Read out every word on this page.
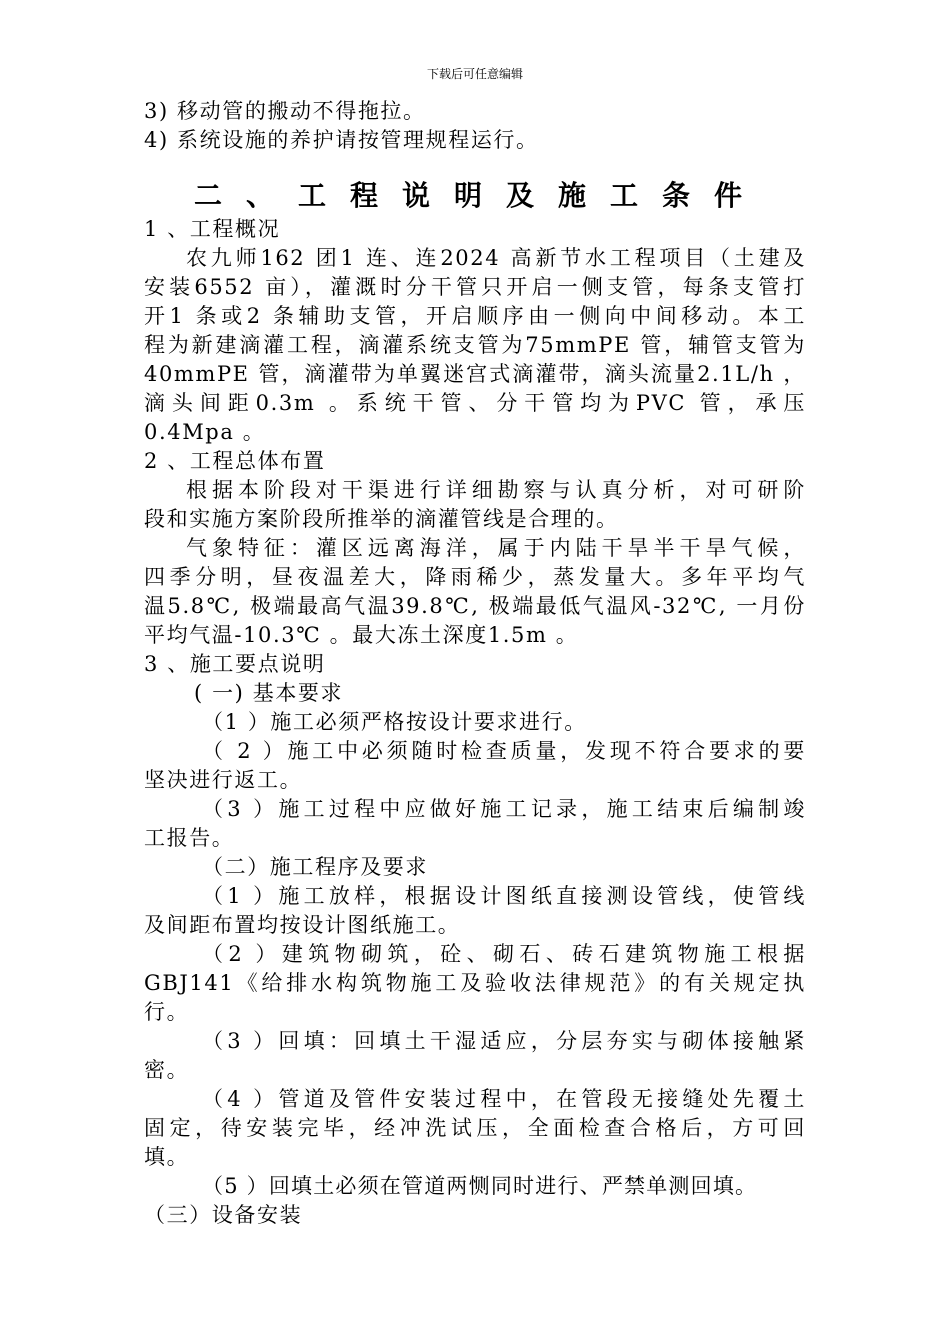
下载后可任意编辑
3) 移动管的搬动不得拖拉。
4) 系统设施的养护请按管理规程运行。
二、工程说明及施工条件
1 、工程概况
农九师162 团1 连、连2024 高新节水工程项目（土建及
安装6552 亩），灌溉时分干管只开启一侧支管，每条支管打
开1 条或2 条辅助支管，开启顺序由一侧向中间移动。本工
程为新建滴灌工程，滴灌系统支管为75mmPE 管，辅管支管为
40mmPE 管，滴灌带为单翼迷宫式滴灌带，滴头流量2.1L/h ，
滴头间距0.3m 。系统干管、分干管均为PVC 管，承压
0.4Mpa 。
2 、工程总体布置
根据本阶段对干渠进行详细勘察与认真分析，对可研阶
段和实施方案阶段所推举的滴灌管线是合理的。
气象特征：灌区远离海洋，属于内陆干旱半干旱气候，
四季分明，昼夜温差大，降雨稀少，蒸发量大。多年平均气
温5.8℃, 极端最高气温39.8℃, 极端最低气温风-32℃, 一月份
平均气温-10.3℃ 。最大冻土深度1.5m 。
3 、施工要点说明
( 一) 基本要求
（1 ）施工必须严格按设计要求进行。
（ 2 ）施工中必须随时检查质量，发现不符合要求的要
坚决进行返工。
（3 ）施工过程中应做好施工记录，施工结束后编制竣
工报告。
（二）施工程序及要求
（1 ）施工放样，根据设计图纸直接测设管线，使管线
及间距布置均按设计图纸施工。
（2 ）建筑物砌筑，砼、砌石、砖石建筑物施工根据
GBJ141《给排水构筑物施工及验收法律规范》的有关规定执
行。
（3 ）回填：回填土干湿适应，分层夯实与砌体接触紧
密。
（4 ）管道及管件安装过程中，在管段无接缝处先覆土
固定，待安装完毕，经冲洗试压，全面检查合格后，方可回
填。
（5 ）回填土必须在管道两恻同时进行、严禁单测回填。
（三）设备安装
